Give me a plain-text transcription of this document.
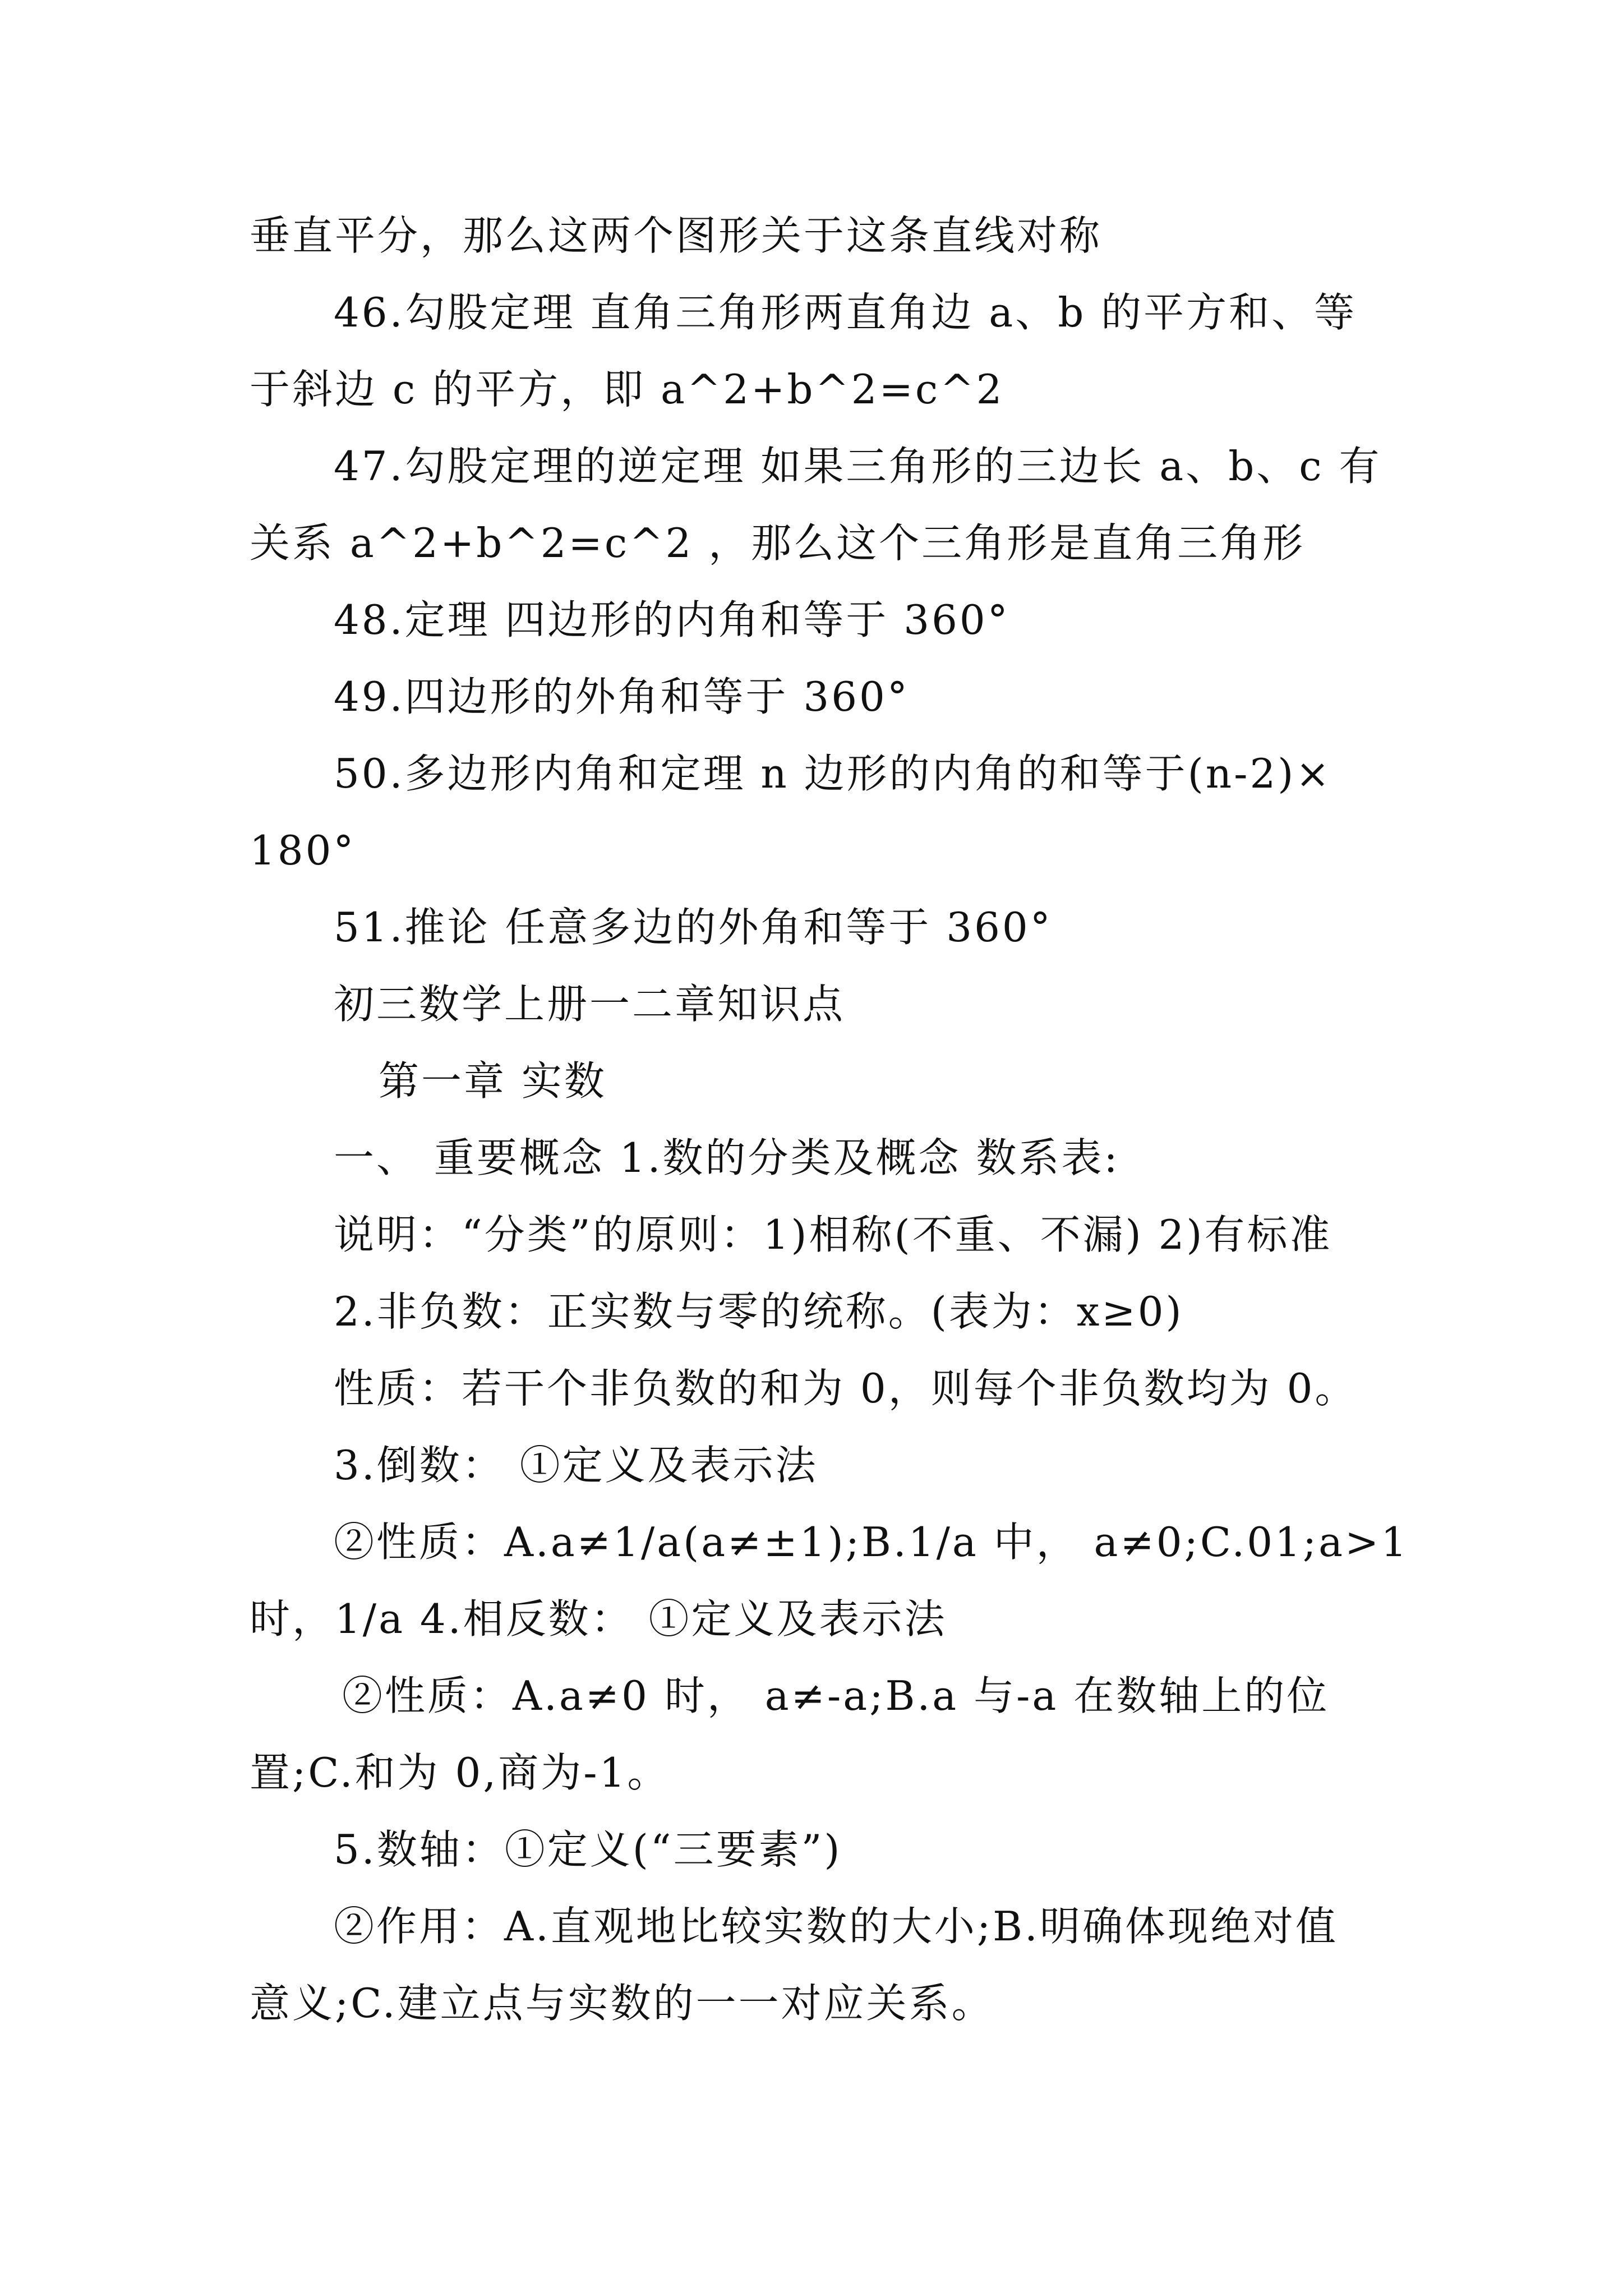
垂直平分，那么这两个图形关于这条直线对称
46.勾股定理 直角三角形两直角边 a、b 的平方和、等
于斜边 c 的平方，即 a^2+b^2=c^2
47.勾股定理的逆定理 如果三角形的三边长 a、b、c 有
关系 a^2+b^2=c^2 ，那么这个三角形是直角三角形
48.定理 四边形的内角和等于 360°
49.四边形的外角和等于 360°
50.多边形内角和定理 n 边形的内角的和等于(n-2)×
180°
51.推论 任意多边的外角和等于 360°
初三数学上册一二章知识点
第一章 实数
一、 重要概念 1.数的分类及概念 数系表:
说明：“分类”的原则：1)相称(不重、不漏) 2)有标准
2.非负数：正实数与零的统称。(表为：x≥0)
性质：若干个非负数的和为 0，则每个非负数均为 0。
3.倒数： ①定义及表示法
②性质：A.a≠1/a(a≠±1);B.1/a 中， a≠0;C.01;a>1
时，1/a 4.相反数： ①定义及表示法
②性质：A.a≠0 时， a≠-a;B.a 与-a 在数轴上的位
置;C.和为 0,商为-1。
5.数轴：①定义(“三要素”)
②作用：A.直观地比较实数的大小;B.明确体现绝对值
意义;C.建立点与实数的一一对应关系。
